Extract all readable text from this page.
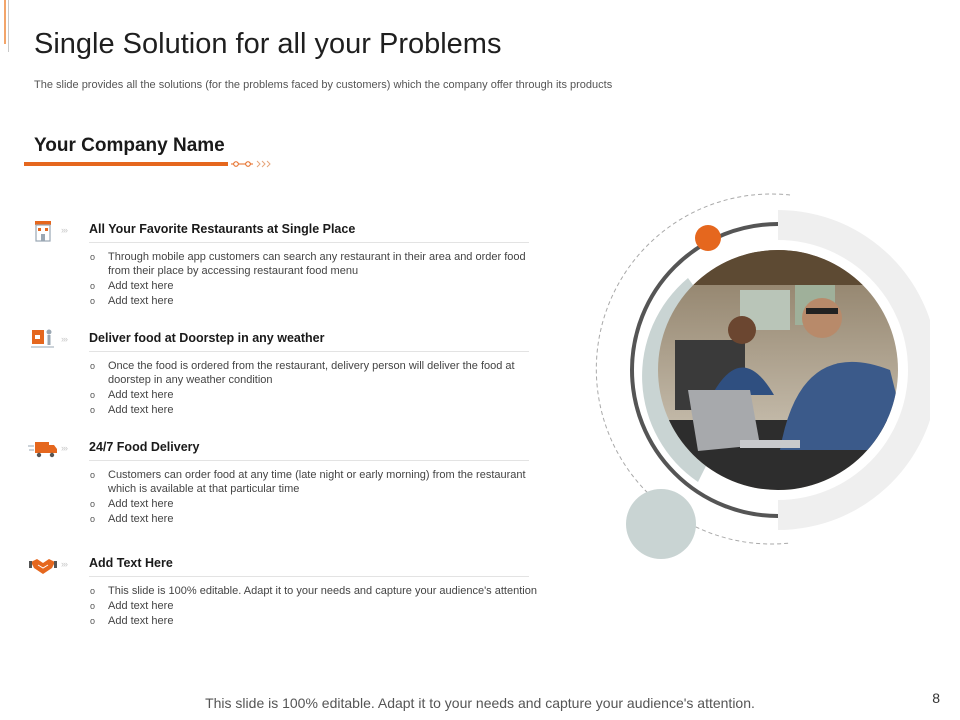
Single Solution for all your Problems
The slide provides all the solutions (for the problems faced by customers) which the company offer through its products
Your Company Name
››› All Your Favorite Restaurants at Single Place
o Through mobile app customers can search any restaurant in their area and order food from their place by accessing restaurant food menu
o Add text here
o Add text here
››› Deliver food at Doorstep in any weather
o Once the food is ordered from the restaurant, delivery person will deliver the food at doorstep in any weather condition
o Add text here
o Add text here
››› 24/7 Food Delivery
o Customers can order food at any time (late night or early morning) from the restaurant which is available at that particular time
o Add text here
o Add text here
››› Add Text Here
o This slide is 100% editable. Adapt it to your needs and capture your audience's attention
o Add text here
o Add text here
This slide is 100% editable. Adapt it to your needs and capture your audience's attention.	8
